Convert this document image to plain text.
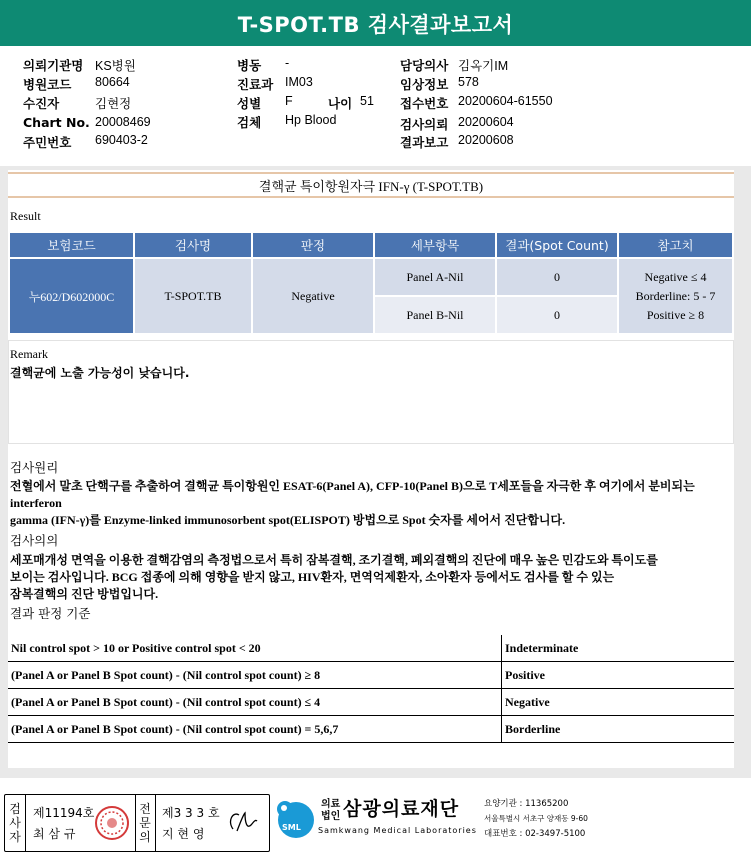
T-SPOT.TB 검사결과보고서
의뢰기관명 KS병원
병원코드 80664
수진자	김현정
Chart No. 20008469
주민번호 690403-2
병동 -
진료과 IM03
성별 F	나이 51
검체 Hp Blood
담당의사 김옥기IM
임상정보 578
접수번호 20200604-61550
검사의뢰 20200604
결과보고 20200608
결핵균 특이항원자극 IFN-γ (T-SPOT.TB)
Result
보험코드	검사명	판정	세부항목	결과(Spot Count)	참고치
누602/D602000C	T-SPOT.TB	Negative	Panel A-Nil	0	Negative ≤ 4
Borderline: 5 - 7
Positive ≥ 8

			Panel B-Nil	0	
Remark
결핵균에 노출 가능성이 낮습니다.
검사원리
전혈에서 말초 단핵구를 추출하여 결핵균 특이항원인 ESAT-6(Panel A), CFP-10(Panel B)으로 T세포들을 자극한 후 여기에서 분비되는
interferon
gamma (IFN-γ)를 Enzyme-linked immunosorbent spot(ELISPOT) 방법으로 Spot 숫자를 세어서 진단합니다.
검사의의
세포매개성 면역을 이용한 결핵감염의 측정법으로서 특히 잠복결핵, 조기결핵, 폐외결핵의 진단에 매우 높은 민감도와 특이도를
보이는 검사입니다. BCG 접종에 의해 영향을 받지 않고, HIV환자, 면역억제환자, 소아환자 등에서도 검사를 할 수 있는
잠복결핵의 진단 방법입니다.
결과 판정 기준
Nil control spot > 10 or Positive control spot < 20	Indeterminate
(Panel A or Panel B Spot count) - (Nil control spot count) ≥ 8	Positive
(Panel A or Panel B Spot count) - (Nil control spot count) ≤ 4	Negative
(Panel A or Panel B Spot count) - (Nil control spot count) = 5,6,7	Borderline
검사자
제11194호
최 삼 규
전문의
제3 3 3 호
지 현 영	SML
의료
법인 삼광의료재단
Samkwang Medical Laboratories
요양기관 : 11365200
서울특별시 서초구 양재동 9-60
대표번호 : 02-3497-5100
